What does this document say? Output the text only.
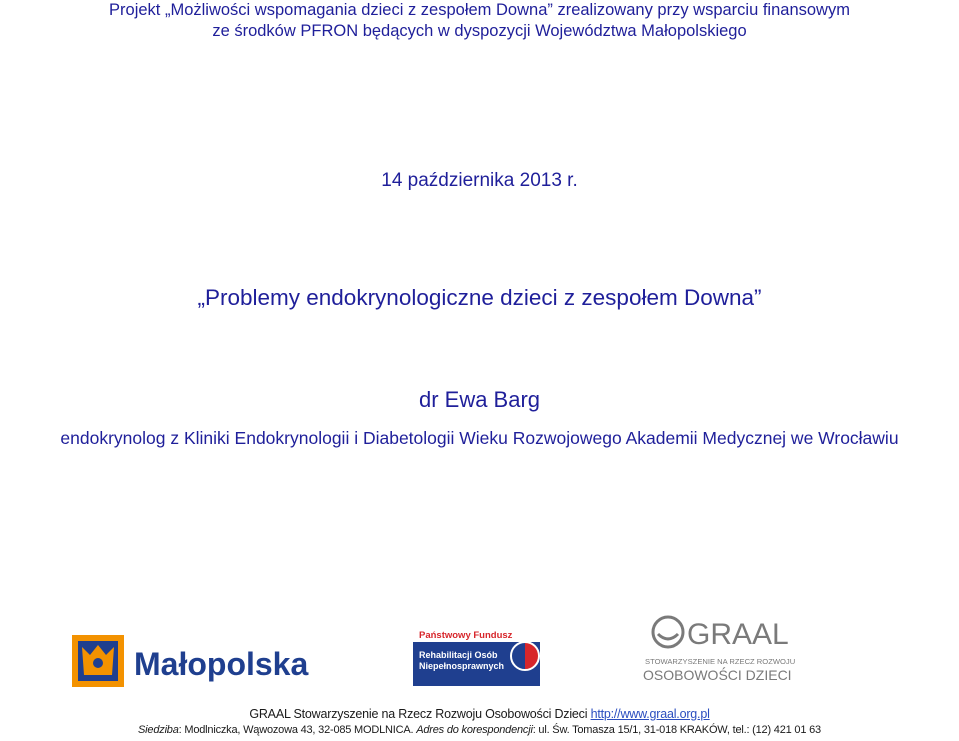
Projekt „Możliwości wspomagania dzieci z zespołem Downa” zrealizowany przy wsparciu finansowym
ze środków PFRON będących w dyspozycji Województwa Małopolskiego
14 października 2013 r.
„Problemy endokrynologiczne dzieci z zespołem Downa”
dr Ewa Barg
endokrynolog z Kliniki Endokrynologii i Diabetologii Wieku Rozwojowego Akademii Medycznej we Wrocławiu
Małopolska
Państwowy Fundusz
Rehabilitacji Osób
Niepełnosprawnych
GRAAL
STOWARZYSZENIE NA RZECZ ROZWOJU
OSOBOWOŚCI DZIECI
GRAAL Stowarzyszenie na Rzecz Rozwoju Osobowości Dzieci http://www.graal.org.pl
Siedziba: Modlniczka, Wąwozowa 43, 32-085 MODLNICA. Adres do korespondencji: ul. Św. Tomasza 15/1, 31-018 KRAKÓW, tel.: (12) 421 01 63
